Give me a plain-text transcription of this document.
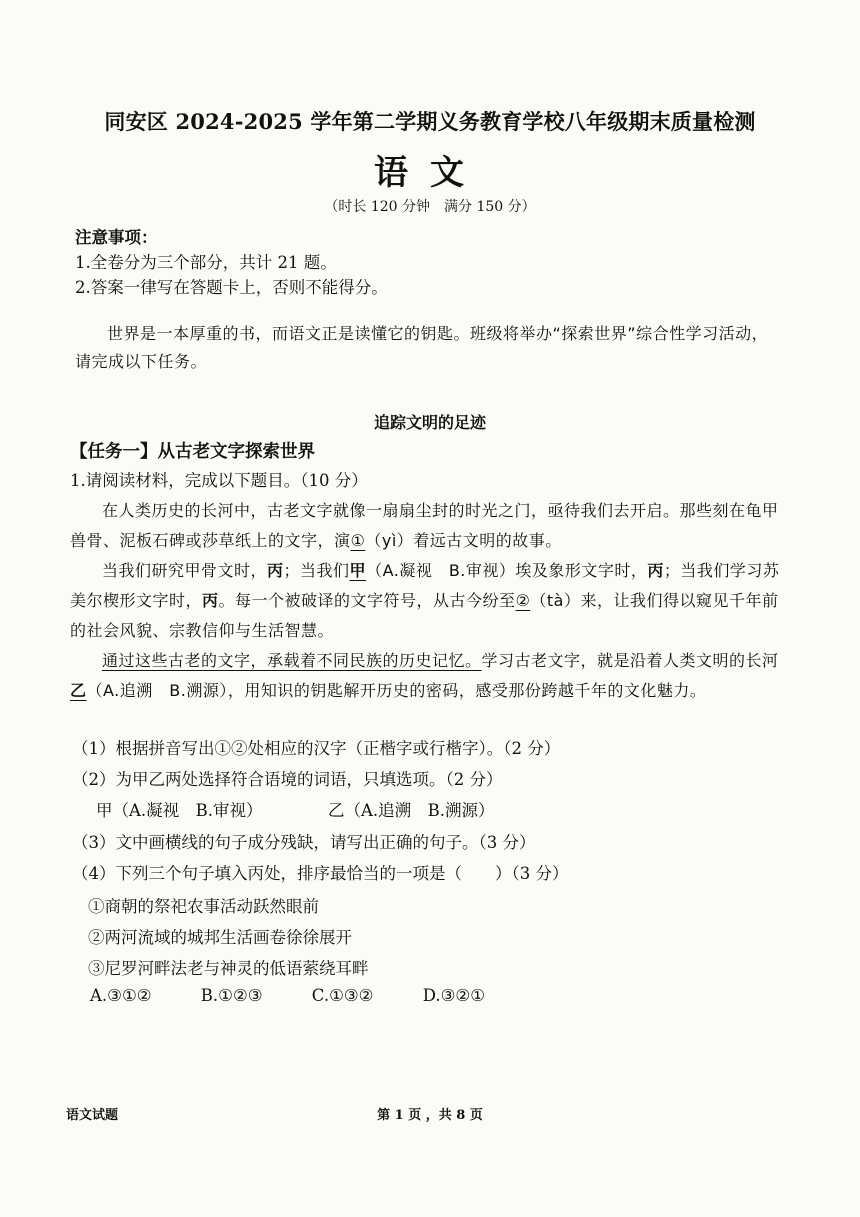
同安区 2024-2025 学年第二学期义务教育学校八年级期末质量检测
语文
（时长 120 分钟　满分 150 分）
注意事项：
1.全卷分为三个部分，共计 21 题。
2.答案一律写在答题卡上，否则不能得分。
世界是一本厚重的书，而语文正是读懂它的钥匙。班级将举办“探索世界”综合性学习活动，请完成以下任务。
追踪文明的足迹
【任务一】从古老文字探索世界
1.请阅读材料，完成以下题目。（10 分）

在人类历史的长河中，古老文字就像一扇扇尘封的时光之门，亟待我们去开启。那些刻在龟甲兽骨、泥板石碑或莎草纸上的文字，演①（yì）着远古文明的故事。

当我们研究甲骨文时，丙；当我们甲（A.凝视　B.审视）埃及象形文字时，丙；当我们学习苏美尔楔形文字时，丙。每一个被破译的文字符号，从古今纷至②（tà）来，让我们得以窥见千年前的社会风貌、宗教信仰与生活智慧。

通过这些古老的文字，承载着不同民族的历史记忆。学习古老文字，就是沿着人类文明的长河乙（A.追溯　B.溯源），用知识的钥匙解开历史的密码，感受那份跨越千年的文化魅力。

（1）根据拼音写出①②处相应的汉字（正楷字或行楷字）。（2 分）
（2）为甲乙两处选择符合语境的词语，只填选项。（2 分）
甲（A.凝视　B.审视）	乙（A.追溯　B.溯源）
（3）文中画横线的句子成分残缺，请写出正确的句子。（3 分）
（4）下列三个句子填入丙处，排序最恰当的一项是（　　）（3 分）
①商朝的祭祀农事活动跃然眼前
②两河流域的城邦生活画卷徐徐展开
③尼罗河畔法老与神灵的低语萦绕耳畔
A.③①②	B.①②③	C.①③②	D.③②①
语文试题	第 1 页 ，共 8 页
